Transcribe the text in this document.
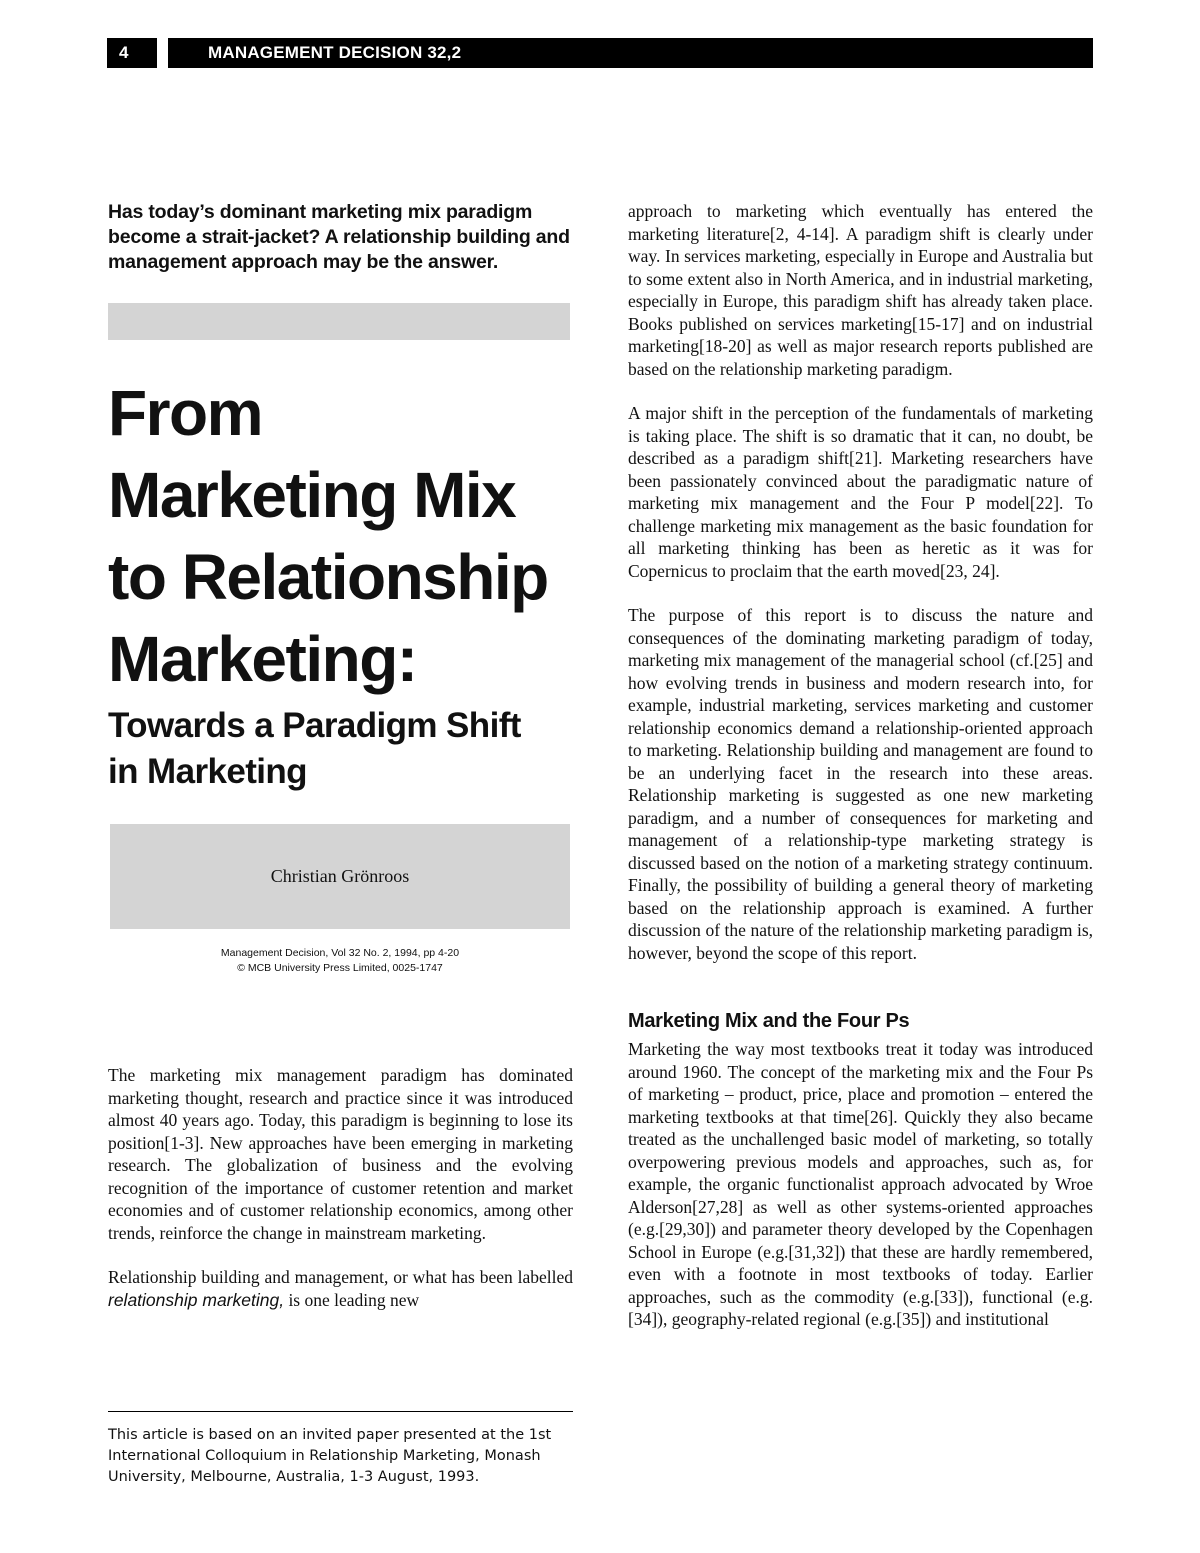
4	MANAGEMENT DECISION 32,2

Has today’s dominant marketing mix paradigm become a strait-jacket? A relationship building and management approach may be the answer.

From
Marketing Mix
to Relationship
Marketing:
Towards a Paradigm Shift
in Marketing
Christian Grönroos
Management Decision, Vol 32 No. 2, 1994, pp 4-20
© MCB University Press Limited, 0025-1747

The marketing mix management paradigm has dominated marketing thought, research and practice since it was introduced almost 40 years ago. Today, this paradigm is beginning to lose its position[1-3]. New approaches have been emerging in marketing research. The globalization of business and the evolving recognition of the importance of customer retention and market economies and of customer relationship economics, among other trends, reinforce the change in mainstream marketing.

Relationship building and management, or what has been labelled relationship marketing, is one leading new

This article is based on an invited paper presented at the 1st International Colloquium in Relationship Marketing, Monash University, Melbourne, Australia, 1-3 August, 1993.

approach to marketing which eventually has entered the marketing literature[2, 4-14]. A paradigm shift is clearly under way. In services marketing, especially in Europe and Australia but to some extent also in North America, and in industrial marketing, especially in Europe, this paradigm shift has already taken place. Books published on services marketing[15-17] and on industrial marketing[18-20] as well as major research reports published are based on the relationship marketing paradigm.

A major shift in the perception of the fundamentals of marketing is taking place. The shift is so dramatic that it can, no doubt, be described as a paradigm shift[21]. Marketing researchers have been passionately convinced about the paradigmatic nature of marketing mix management and the Four P model[22]. To challenge marketing mix management as the basic foundation for all marketing thinking has been as heretic as it was for Copernicus to proclaim that the earth moved[23, 24].

The purpose of this report is to discuss the nature and consequences of the dominating marketing paradigm of today, marketing mix management of the managerial school (cf.[25] and how evolving trends in business and modern research into, for example, industrial marketing, services marketing and customer relationship economics demand a relationship-oriented approach to marketing. Relationship building and management are found to be an underlying facet in the research into these areas. Relationship marketing is suggested as one new marketing paradigm, and a number of consequences for marketing and management of a relationship-type marketing strategy is discussed based on the notion of a marketing strategy continuum. Finally, the possibility of building a general theory of marketing based on the relationship approach is examined. A further discussion of the nature of the relationship marketing paradigm is, however, beyond the scope of this report.

Marketing Mix and the Four Ps

Marketing the way most textbooks treat it today was introduced around 1960. The concept of the marketing mix and the Four Ps of marketing – product, price, place and promotion – entered the marketing textbooks at that time[26]. Quickly they also became treated as the unchallenged basic model of marketing, so totally overpowering previous models and approaches, such as, for example, the organic functionalist approach advocated by Wroe Alderson[27,28] as well as other systems-oriented approaches (e.g.[29,30]) and parameter theory developed by the Copenhagen School in Europe (e.g.[31,32]) that these are hardly remembered, even with a footnote in most textbooks of today. Earlier approaches, such as the commodity (e.g.[33]), functional (e.g.[34]), geography-related regional (e.g.[35]) and institutional
